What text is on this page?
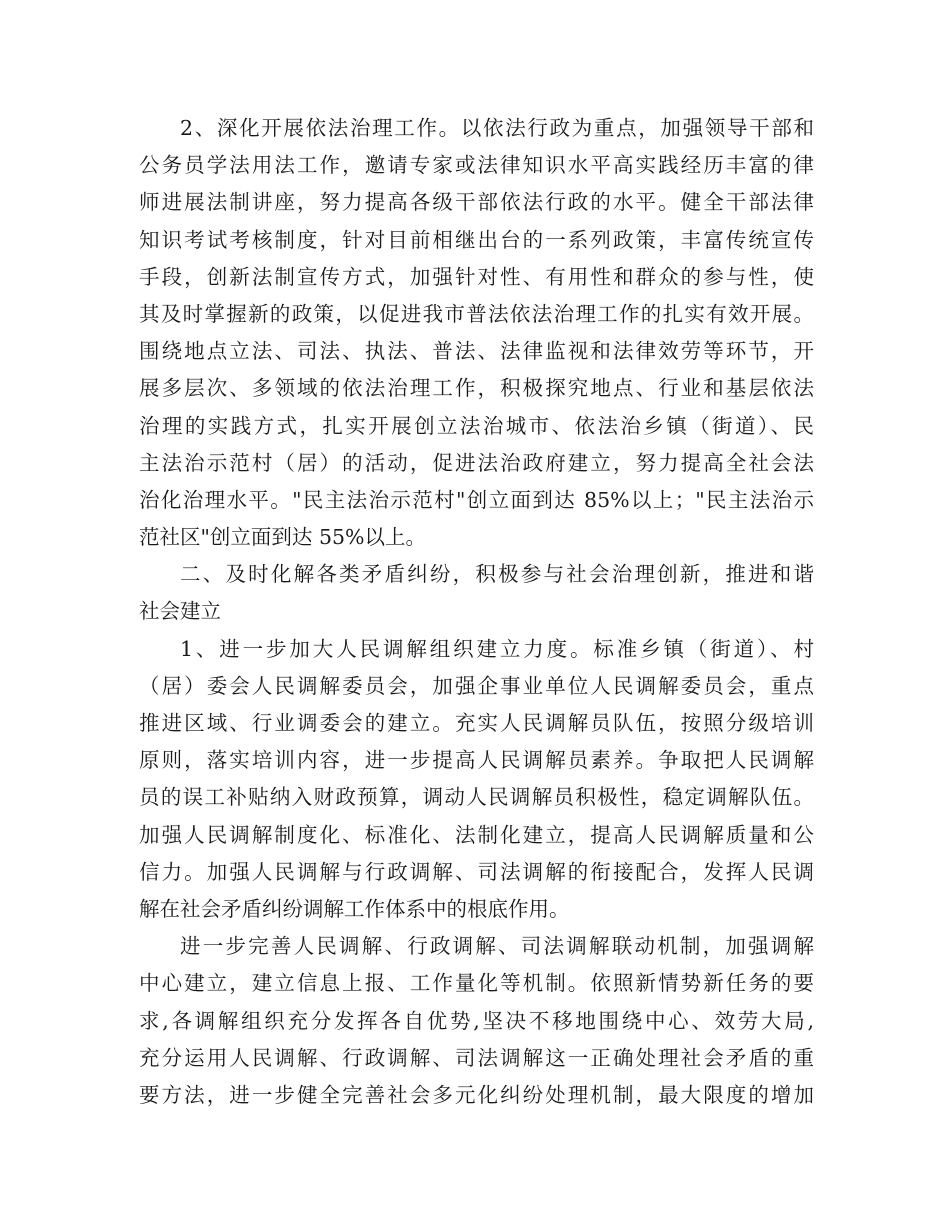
2、深化开展依法治理工作。以依法行政为重点，加强领导干部和
公务员学法用法工作，邀请专家或法律知识水平高实践经历丰富的律
师进展法制讲座，努力提高各级干部依法行政的水平。健全干部法律
知识考试考核制度，针对目前相继出台的一系列政策，丰富传统宣传
手段，创新法制宣传方式，加强针对性、有用性和群众的参与性，使
其及时掌握新的政策，以促进我市普法依法治理工作的扎实有效开展。
围绕地点立法、司法、执法、普法、法律监视和法律效劳等环节，开
展多层次、多领域的依法治理工作，积极探究地点、行业和基层依法
治理的实践方式，扎实开展创立法治城市、依法治乡镇（街道）、民
主法治示范村（居）的活动，促进法治政府建立，努力提高全社会法
治化治理水平。"民主法治示范村"创立面到达 85%以上；"民主法治示
范社区"创立面到达 55%以上。
二、及时化解各类矛盾纠纷，积极参与社会治理创新，推进和谐
社会建立
1、进一步加大人民调解组织建立力度。标准乡镇（街道）、村
（居）委会人民调解委员会，加强企事业单位人民调解委员会，重点
推进区域、行业调委会的建立。充实人民调解员队伍，按照分级培训
原则，落实培训内容，进一步提高人民调解员素养。争取把人民调解
员的误工补贴纳入财政预算，调动人民调解员积极性，稳定调解队伍。
加强人民调解制度化、标准化、法制化建立，提高人民调解质量和公
信力。加强人民调解与行政调解、司法调解的衔接配合，发挥人民调
解在社会矛盾纠纷调解工作体系中的根底作用。
进一步完善人民调解、行政调解、司法调解联动机制，加强调解
中心建立，建立信息上报、工作量化等机制。依照新情势新任务的要
求,各调解组织充分发挥各自优势,坚决不移地围绕中心、效劳大局,
充分运用人民调解、行政调解、司法调解这一正确处理社会矛盾的重
要方法，进一步健全完善社会多元化纠纷处理机制，最大限度的增加
